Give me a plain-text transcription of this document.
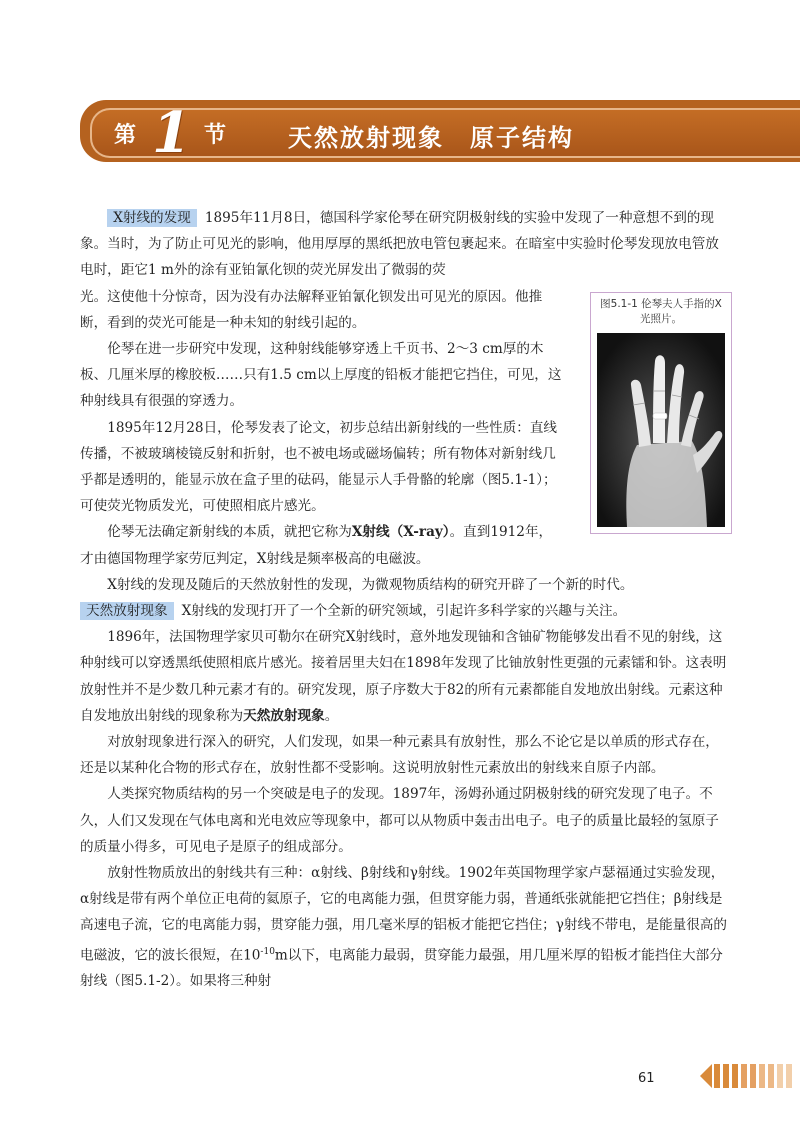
第 1 节	天然放射现象　原子结构

X射线的发现 1895年11月8日，德国科学家伦琴在研究阴极射线的实验中发现了一种意想不到的现象。当时，为了防止可见光的影响，他用厚厚的黑纸把放电管包裹起来。在暗室中实验时伦琴发现放电管放电时，距它1 m外的涂有亚铂氰化钡的荧光屏发出了微弱的荧

光。这使他十分惊奇，因为没有办法解释亚铂氰化钡发出可见光的原因。他推断，看到的荧光可能是一种未知的射线引起的。

伦琴在进一步研究中发现，这种射线能够穿透上千页书、2～3 cm厚的木板、几厘米厚的橡胶板……只有1.5 cm以上厚度的铅板才能把它挡住，可见，这种射线具有很强的穿透力。

1895年12月28日，伦琴发表了论文，初步总结出新射线的一些性质：直线传播，不被玻璃棱镜反射和折射，也不被电场或磁场偏转；所有物体对新射线几乎都是透明的，能显示放在盒子里的砝码，能显示人手骨骼的轮廓（图5.1-1）；可使荧光物质发光，可使照相底片感光。

伦琴无法确定新射线的本质，就把它称为X射线（X-ray）。直到1912年，才由德国物理学家劳厄判定，X射线是频率极高的电磁波。

X射线的发现及随后的天然放射性的发现，为微观物质结构的研究开辟了一个新的时代。

天然放射现象 X射线的发现打开了一个全新的研究领域，引起许多科学家的兴趣与关注。

1896年，法国物理学家贝可勒尔在研究X射线时，意外地发现铀和含铀矿物能够发出看不见的射线，这种射线可以穿透黑纸使照相底片感光。接着居里夫妇在1898年发现了比铀放射性更强的元素镭和钋。这表明放射性并不是少数几种元素才有的。研究发现，原子序数大于82的所有元素都能自发地放出射线。元素这种自发地放出射线的现象称为天然放射现象。

对放射现象进行深入的研究，人们发现，如果一种元素具有放射性，那么不论它是以单质的形式存在，还是以某种化合物的形式存在，放射性都不受影响。这说明放射性元素放出的射线来自原子内部。

人类探究物质结构的另一个突破是电子的发现。1897年，汤姆孙通过阴极射线的研究发现了电子。不久，人们又发现在气体电离和光电效应等现象中，都可以从物质中轰击出电子。电子的质量比最轻的氢原子的质量小得多，可见电子是原子的组成部分。

放射性物质放出的射线共有三种：α射线、β射线和γ射线。1902年英国物理学家卢瑟福通过实验发现，α射线是带有两个单位正电荷的氦原子，它的电离能力强，但贯穿能力弱，普通纸张就能把它挡住；β射线是高速电子流，它的电离能力弱，贯穿能力强，用几毫米厚的铝板才能把它挡住；γ射线不带电，是能量很高的电磁波，它的波长很短，在$10^{-10}m$以下，电离能力最弱，贯穿能力最强，用几厘米厚的铅板才能挡住大部分射线（图5.1-2）。如果将三种射

图5.1-1 伦琴夫人手指的X光照片。
61
